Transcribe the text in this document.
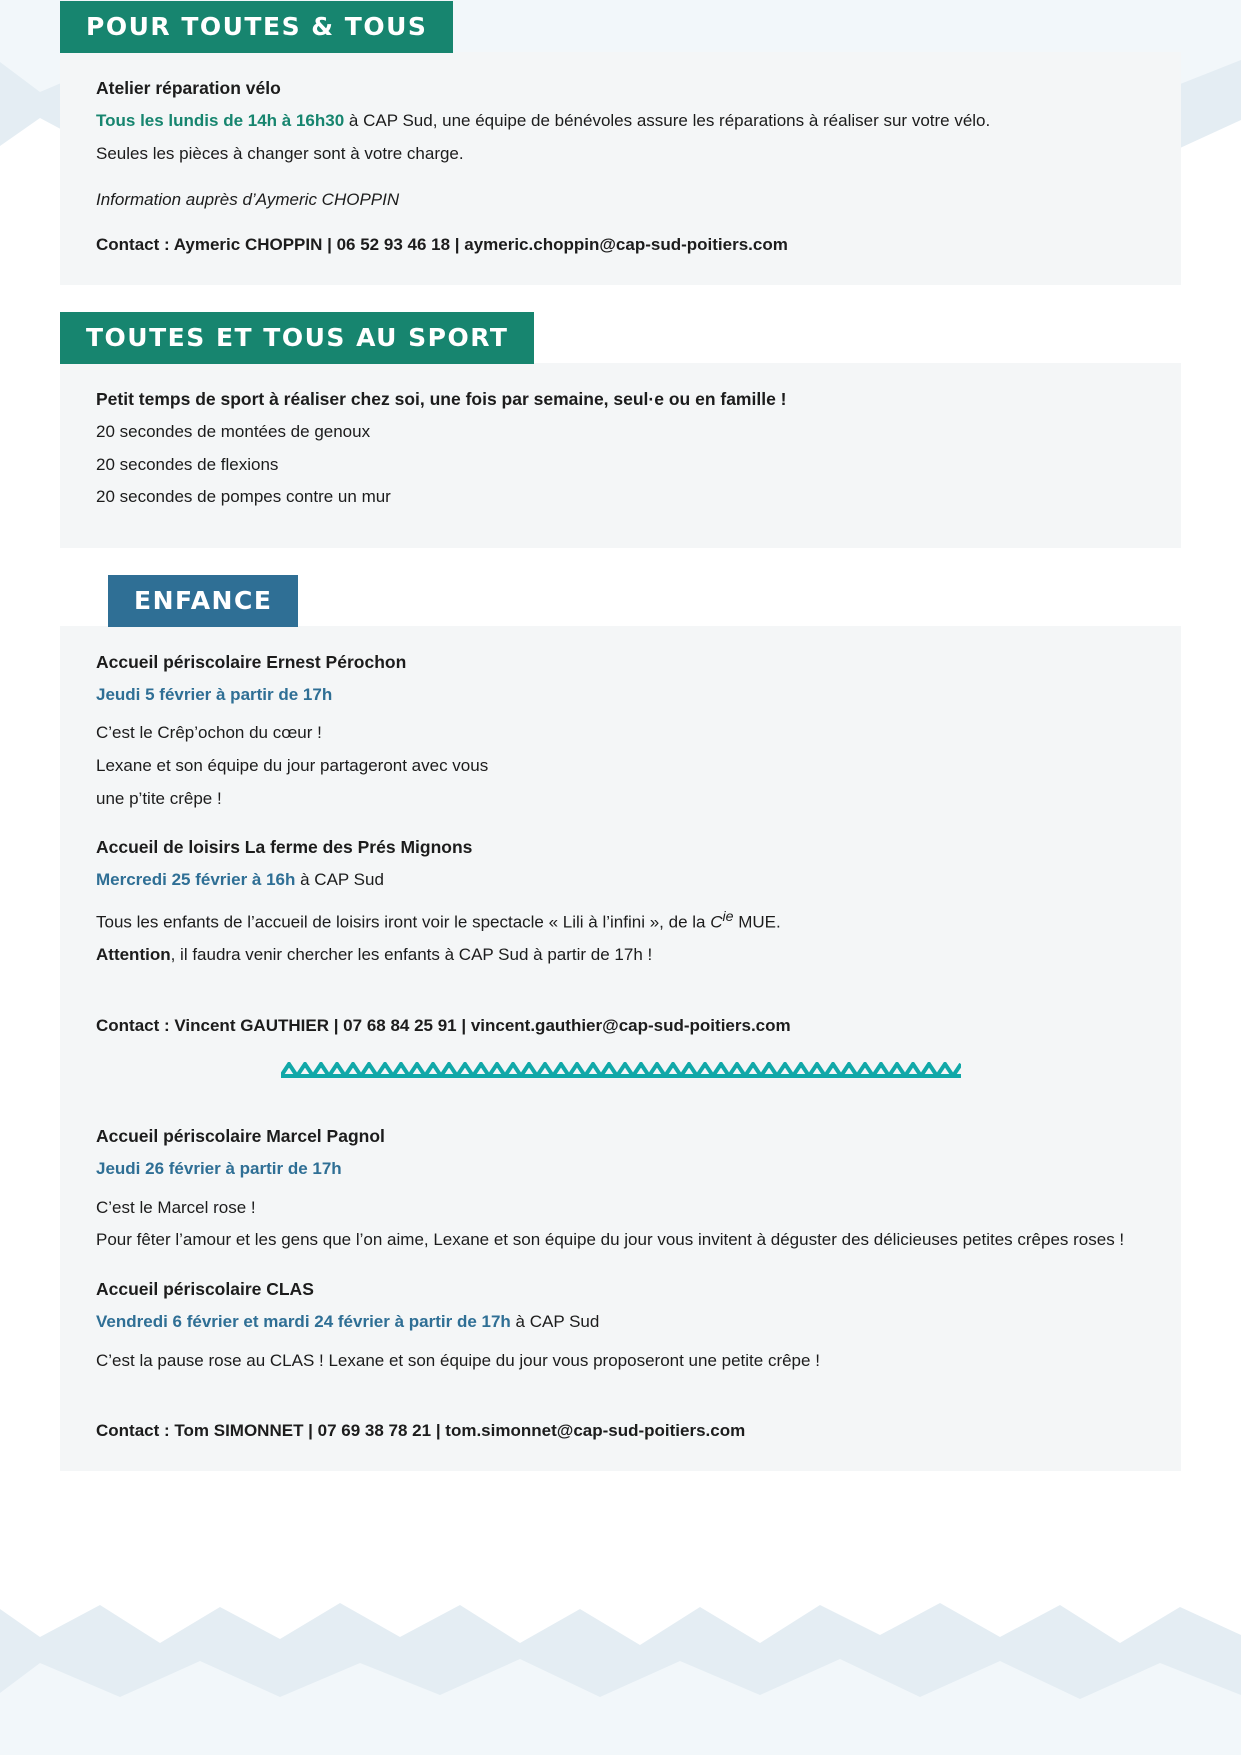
POUR TOUTES & TOUS
Atelier réparation vélo

Tous les lundis de 14h à 16h30 à CAP Sud, une équipe de bénévoles assure les réparations à réaliser sur votre vélo.

Seules les pièces à changer sont à votre charge.

Information auprès d’Aymeric CHOPPIN

Contact : Aymeric CHOPPIN | 06 52 93 46 18 | aymeric.choppin@cap-sud-poitiers.com

TOUTES ET TOUS AU SPORT
Petit temps de sport à réaliser chez soi, une fois par semaine, seul·e ou en famille !

20 secondes de montées de genoux

20 secondes de flexions

20 secondes de pompes contre un mur

ENFANCE
Accueil périscolaire Ernest Pérochon

Jeudi 5 février à partir de 17h

C’est le Crêp’ochon du cœur !

Lexane et son équipe du jour partageront avec vous

une p’tite crêpe !

Accueil de loisirs La ferme des Prés Mignons

Mercredi 25 février à 16h à CAP Sud

Tous les enfants de l’accueil de loisirs iront voir le spectacle « Lili à l’infini », de la $C^{ie}$ MUE.

Attention, il faudra venir chercher les enfants à CAP Sud à partir de 17h !

Contact : Vincent GAUTHIER | 07 68 84 25 91 | vincent.gauthier@cap-sud-poitiers.com

Accueil périscolaire Marcel Pagnol

Jeudi 26 février à partir de 17h

C’est le Marcel rose !

Pour fêter l’amour et les gens que l’on aime, Lexane et son équipe du jour vous invitent à déguster des délicieuses petites crêpes roses !

Accueil périscolaire CLAS

Vendredi 6 février et mardi 24 février à partir de 17h à CAP Sud

C’est la pause rose au CLAS ! Lexane et son équipe du jour vous proposeront une petite crêpe !

Contact : Tom SIMONNET | 07 69 38 78 21 | tom.simonnet@cap-sud-poitiers.com
